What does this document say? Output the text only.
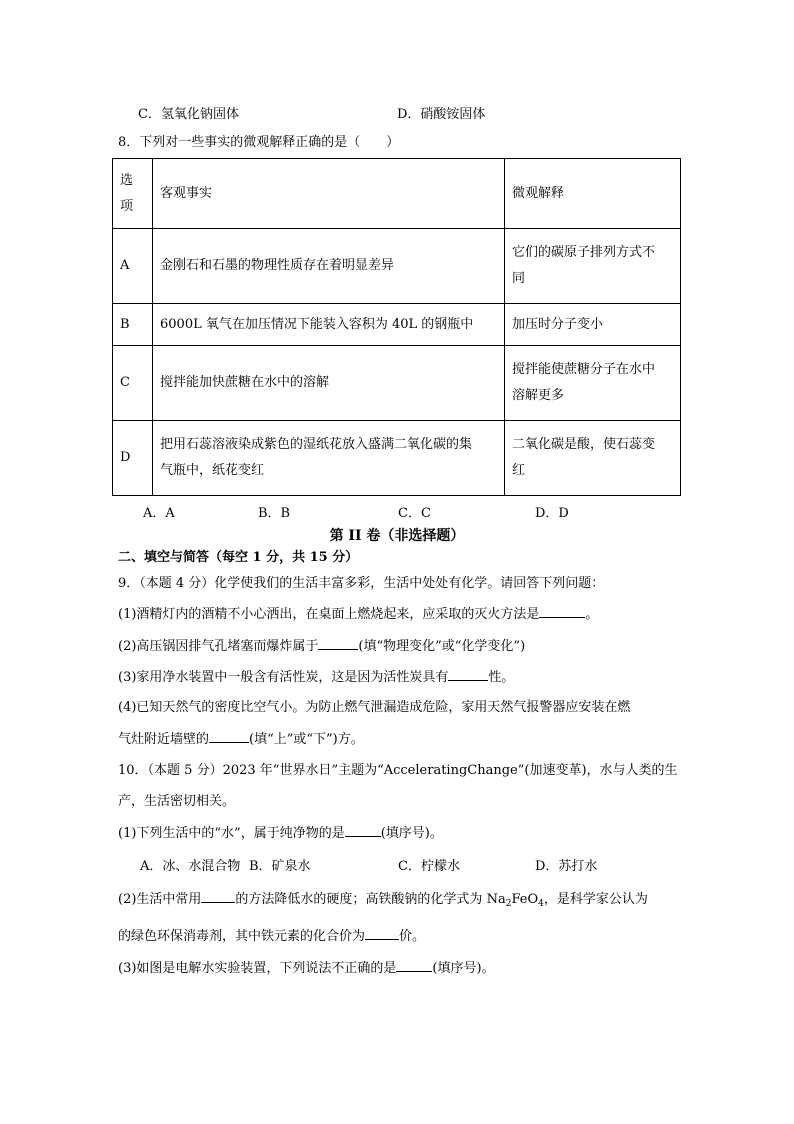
C．氢氧化钠固体	D．硝酸铵固体
8．下列对一些事实的微观解释正确的是（　　）
选
项	客观事实	微观解释
A	金刚石和石墨的物理性质存在着明显差异	它们的碳原子排列方式不
同
B	6000L 氧气在加压情况下能装入容积为 40L 的钢瓶中	加压时分子变小
C	搅拌能加快蔗糖在水中的溶解	搅拌能使蔗糖分子在水中
溶解更多
D	把用石蕊溶液染成紫色的湿纸花放入盛满二氧化碳的集
气瓶中，纸花变红	二氧化碳是酸，使石蕊变
红
A．A	B．B	C．C	D．D
第 II 卷（非选择题）
二、填空与简答（每空 1 分，共 15 分）
9．（本题 4 分）化学使我们的生活丰富多彩，生活中处处有化学。请回答下列问题：
(1)酒精灯内的酒精不小心洒出，在桌面上燃烧起来，应采取的灭火方法是	。
(2)高压锅因排气孔堵塞而爆炸属于	(填“物理变化”或“化学变化”)
(3)家用净水装置中一般含有活性炭，这是因为活性炭具有	性。
(4)已知天然气的密度比空气小。为防止燃气泄漏造成危险，家用天然气报警器应安装在燃
气灶附近墙壁的	(填“上”或“下”)方。
10．（本题 5 分）2023 年“世界水日”主题为“AcceleratingChange”(加速变革)，水与人类的生
产，生活密切相关。
(1)下列生活中的“水”，属于纯净物的是	(填序号)。
A．冰、水混合物 B．矿泉水	C．柠檬水	D．苏打水
(2)生活中常用	的方法降低水的硬度；高铁酸钠的化学式为 $Na_2FeO_4$，是科学家公认为
的绿色环保消毒剂，其中铁元素的化合价为	价。
(3)如图是电解水实验装置，下列说法不正确的是	(填序号)。
